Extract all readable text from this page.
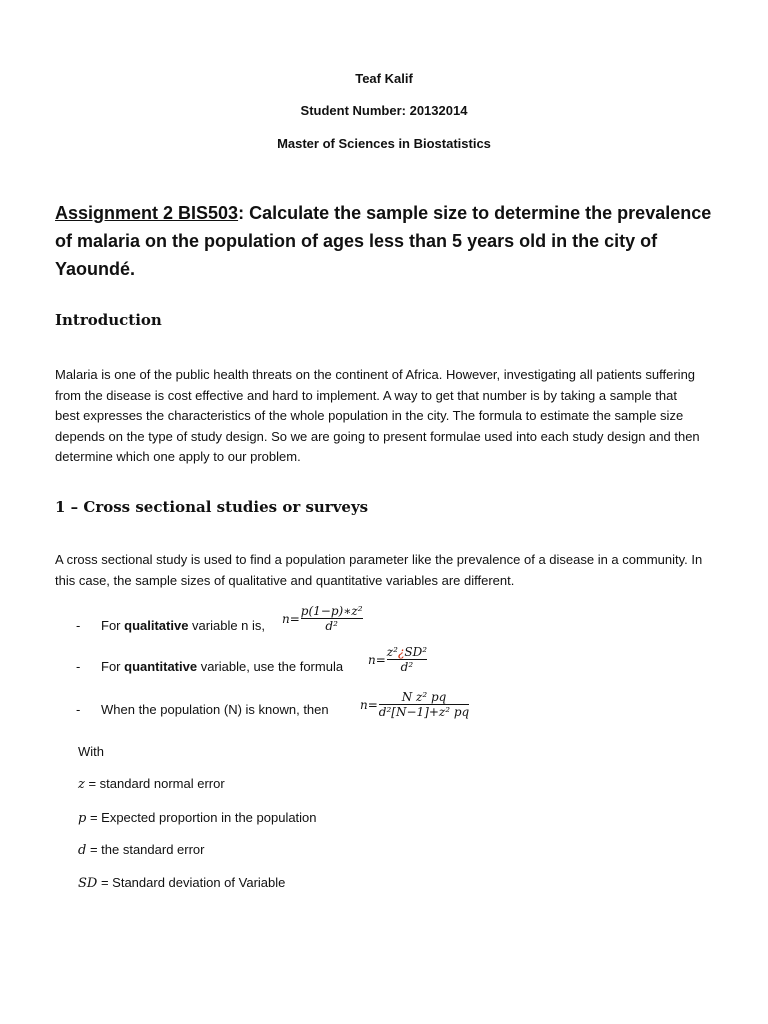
Teaf Kalif
Student Number: 20132014
Master of Sciences in Biostatistics
Assignment 2 BIS503: Calculate the sample size to determine the prevalence of malaria on the population of ages less than 5 years old in the city of Yaoundé.
Introduction
Malaria is one of the public health threats on the continent of Africa. However, investigating all patients suffering from the disease is cost effective and hard to implement. A way to get that number is by taking a sample that best expresses the characteristics of the whole population in the city. The formula to estimate the sample size depends on the type of study design. So we are going to present formulae used into each study design and then determine which one apply to our problem.
1 – Cross sectional studies or surveys
A cross sectional study is used to find a population parameter like the prevalence of a disease in a community. In this case, the sample sizes of qualitative and quantitative variables are different.
- For qualitative variable n is, $n= \frac{\text{p(1−p)∗z²}}{\text{d²}}$
- For quantitative variable, use the formula $n= \frac{\text{z²¿SD²}}{\text{d²}}$
- When the population (N) is known, then	$n= \frac{\text{N z² pq}}{\text{d²[N−1]+z² pq}}$
With
z = standard normal error
p = Expected proportion in the population
d = the standard error
SD = Standard deviation of Variable
